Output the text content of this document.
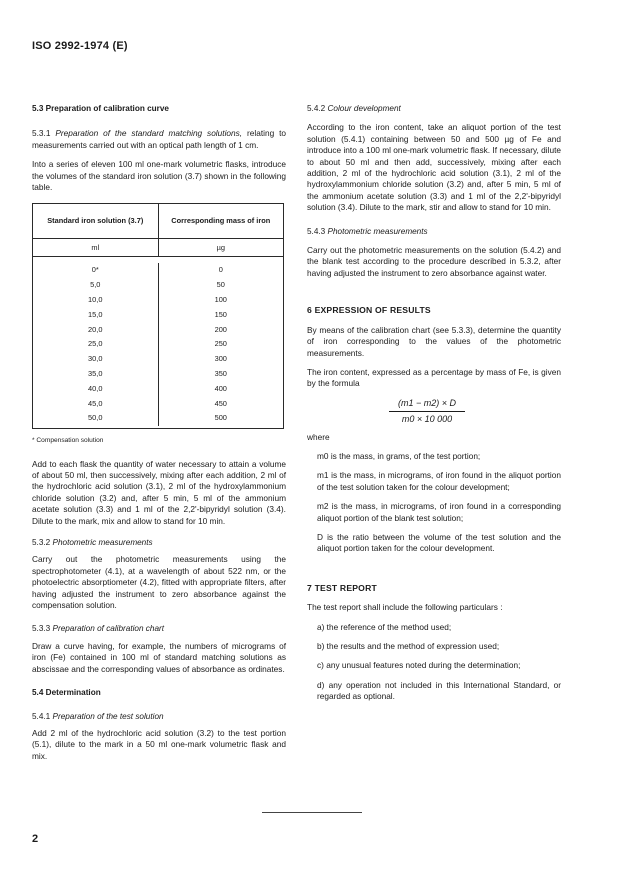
ISO 2992-1974 (E)
5.3 Preparation of calibration curve

5.3.1 Preparation of the standard matching solutions, relating to measurements carried out with an optical path length of 1 cm.

Into a series of eleven 100 ml one-mark volumetric flasks, introduce the volumes of the standard iron solution (3.7) shown in the following table.

Standard iron solution (3.7)	Corresponding mass of iron
ml	µg
0*
5,0
10,0
15,0
20,0
25,0
30,0
35,0
40,0
45,0
50,0
0
50
100
150
200
250
300
350
400
450
500

* Compensation solution

Add to each flask the quantity of water necessary to attain a volume of about 50 ml, then successively, mixing after each addition, 2 ml of the hydrochloric acid solution (3.1), 2 ml of the hydroxylammonium chloride solution (3.2) and, after 5 min, 5 ml of the ammonium acetate solution (3.3) and 1 ml of the 2,2'-bipyridyl solution (3.4). Dilute to the mark, mix and allow to stand for 10 min.

5.3.2 Photometric measurements

Carry out the photometric measurements using the spectrophotometer (4.1), at a wavelength of about 522 nm, or the photoelectric absorptiometer (4.2), fitted with appropriate filters, after having adjusted the instrument to zero absorbance against the compensation solution.

5.3.3 Preparation of calibration chart

Draw a curve having, for example, the numbers of micrograms of iron (Fe) contained in 100 ml of standard matching solutions as abscissae and the corresponding values of absorbance as ordinates.

5.4 Determination

5.4.1 Preparation of the test solution

Add 2 ml of the hydrochloric acid solution (3.2) to the test portion (5.1), dilute to the mark in a 50 ml one-mark volumetric flask and mix.

5.4.2 Colour development

According to the iron content, take an aliquot portion of the test solution (5.4.1) containing between 50 and 500 µg of Fe and introduce into a 100 ml one-mark volumetric flask. If necessary, dilute to about 50 ml and then add, successively, mixing after each addition, 2 ml of the hydrochloric acid solution (3.1), 2 ml of the hydroxylammonium chloride solution (3.2) and, after 5 min, 5 ml of the ammonium acetate solution (3.3) and 1 ml of the 2,2'-bipyridyl solution (3.4). Dilute to the mark, stir and allow to stand for 10 min.

5.4.3 Photometric measurements

Carry out the photometric measurements on the solution (5.4.2) and the blank test according to the procedure described in 5.3.2, after having adjusted the instrument to zero absorbance against water.

6 EXPRESSION OF RESULTS

By means of the calibration chart (see 5.3.3), determine the quantity of iron corresponding to the values of the photometric measurements.

The iron content, expressed as a percentage by mass of Fe, is given by the formula

(m1 − m2) × D
m0 × 10 000

where

m0 is the mass, in grams, of the test portion;

m1 is the mass, in micrograms, of iron found in the aliquot portion of the test solution taken for the colour development;

m2 is the mass, in micrograms, of iron found in a corresponding aliquot portion of the blank test solution;

D is the ratio between the volume of the test solution and the aliquot portion taken for the colour development.

7 TEST REPORT

The test report shall include the following particulars :

a) the reference of the method used;

b) the results and the method of expression used;

c) any unusual features noted during the determination;

d) any operation not included in this International Standard, or regarded as optional.

2
